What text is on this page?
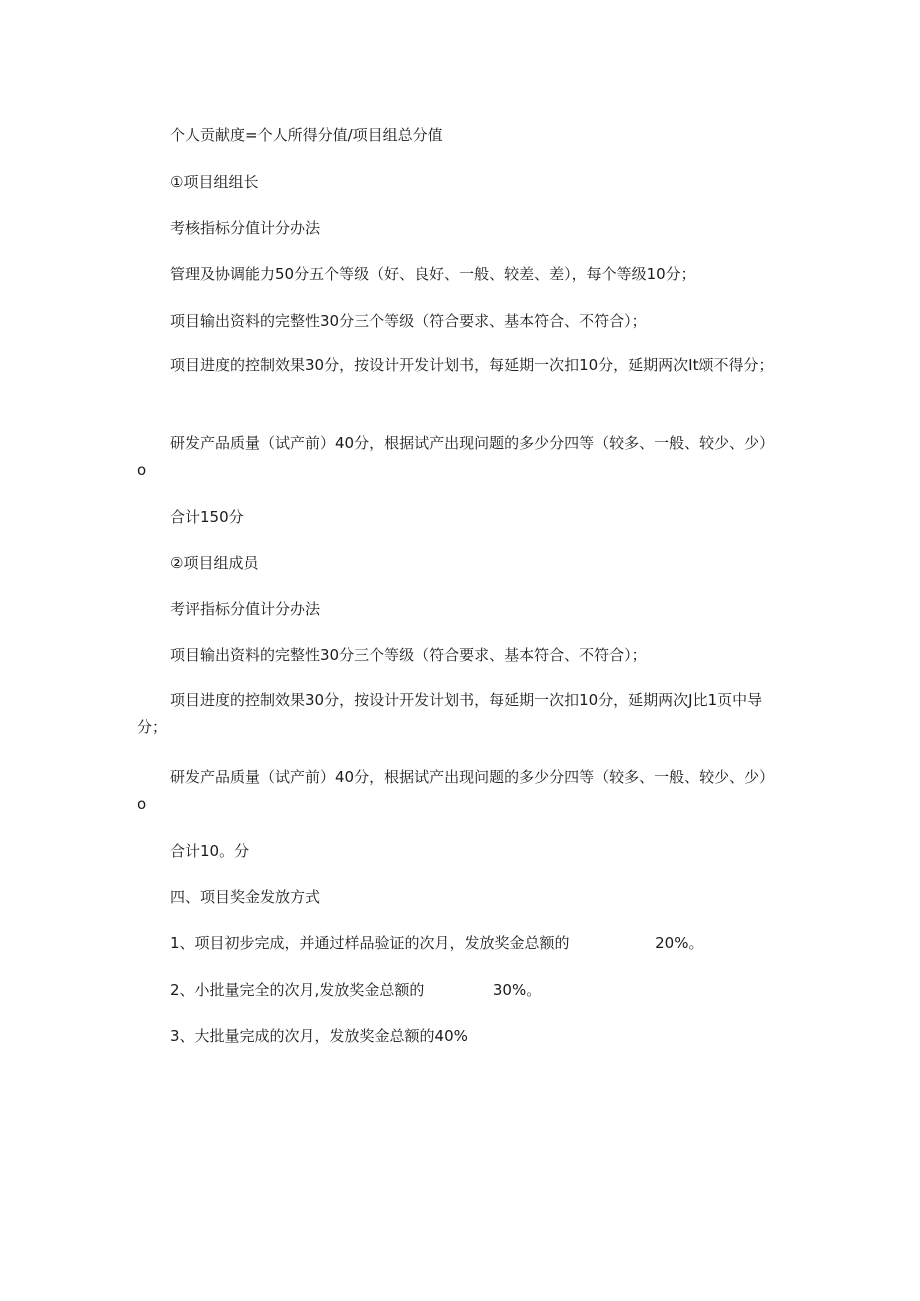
个人贡献度=个人所得分值/项目组总分值
①项目组组长
考核指标分值计分办法
管理及协调能力50分五个等级（好、良好、一般、较差、差），每个等级10分；
项目输出资料的完整性30分三个等级（符合要求、基本符合、不符合）；
项目进度的控制效果30分，按设计开发计划书，每延期一次扣10分，延期两次It颂不得分；
研发产品质量（试产前）40分，根据试产出现问题的多少分四等（较多、一般、较少、少）o
合计150分
②项目组成员
考评指标分值计分办法
项目输出资料的完整性30分三个等级（符合要求、基本符合、不符合）；
项目进度的控制效果30分，按设计开发计划书，每延期一次扣10分，延期两次J比1页中导分；
研发产品质量（试产前）40分，根据试产出现问题的多少分四等（较多、一般、较少、少）o
合计10。分
四、项目奖金发放方式
1、项目初步完成，并通过样品验证的次月，发放奖金总额的	20%。
2、小批量完全的次月,发放奖金总额的	30%。
3、大批量完成的次月，发放奖金总额的40%
